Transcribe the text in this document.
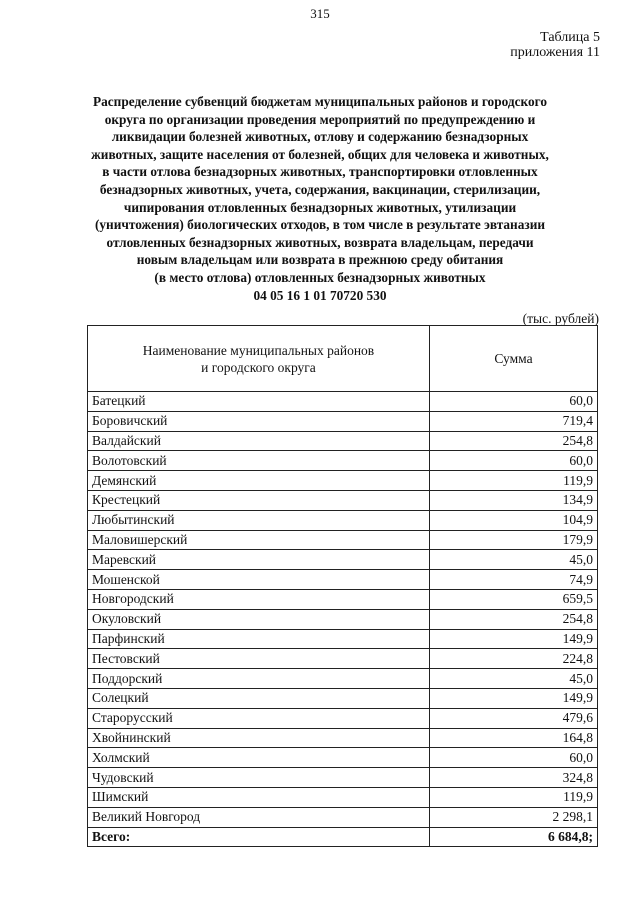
315
Таблица 5
приложения 11
Распределение субвенций бюджетам муниципальных районов и городского
округа по организации проведения мероприятий по предупреждению и
ликвидации болезней животных, отлову и содержанию безнадзорных
животных, защите населения от болезней, общих для человека и животных,
в части отлова безнадзорных животных, транспортировки отловленных
безнадзорных животных, учета, содержания, вакцинации, стерилизации,
чипирования отловленных безнадзорных животных, утилизации
(уничтожения) биологических отходов, в том числе в результате эвтаназии
отловленных безнадзорных животных, возврата владельцам, передачи
новым владельцам или возврата в прежнюю среду обитания
(в место отлова) отловленных безнадзорных животных
04 05 16 1 01 70720 530
(тыс. рублей)
Наименование муниципальных районов
и городского округа	Сумма
Батецкий	60,0
Боровичский	719,4
Валдайский	254,8
Волотовский	60,0
Демянский	119,9
Крестецкий	134,9
Любытинский	104,9
Маловишерский	179,9
Маревский	45,0
Мошенской	74,9
Новгородский	659,5
Окуловский	254,8
Парфинский	149,9
Пестовский	224,8
Поддорский	45,0
Солецкий	149,9
Старорусский	479,6
Хвойнинский	164,8
Холмский	60,0
Чудовский	324,8
Шимский	119,9
Великий Новгород	2 298,1
Всего:	6 684,8;
